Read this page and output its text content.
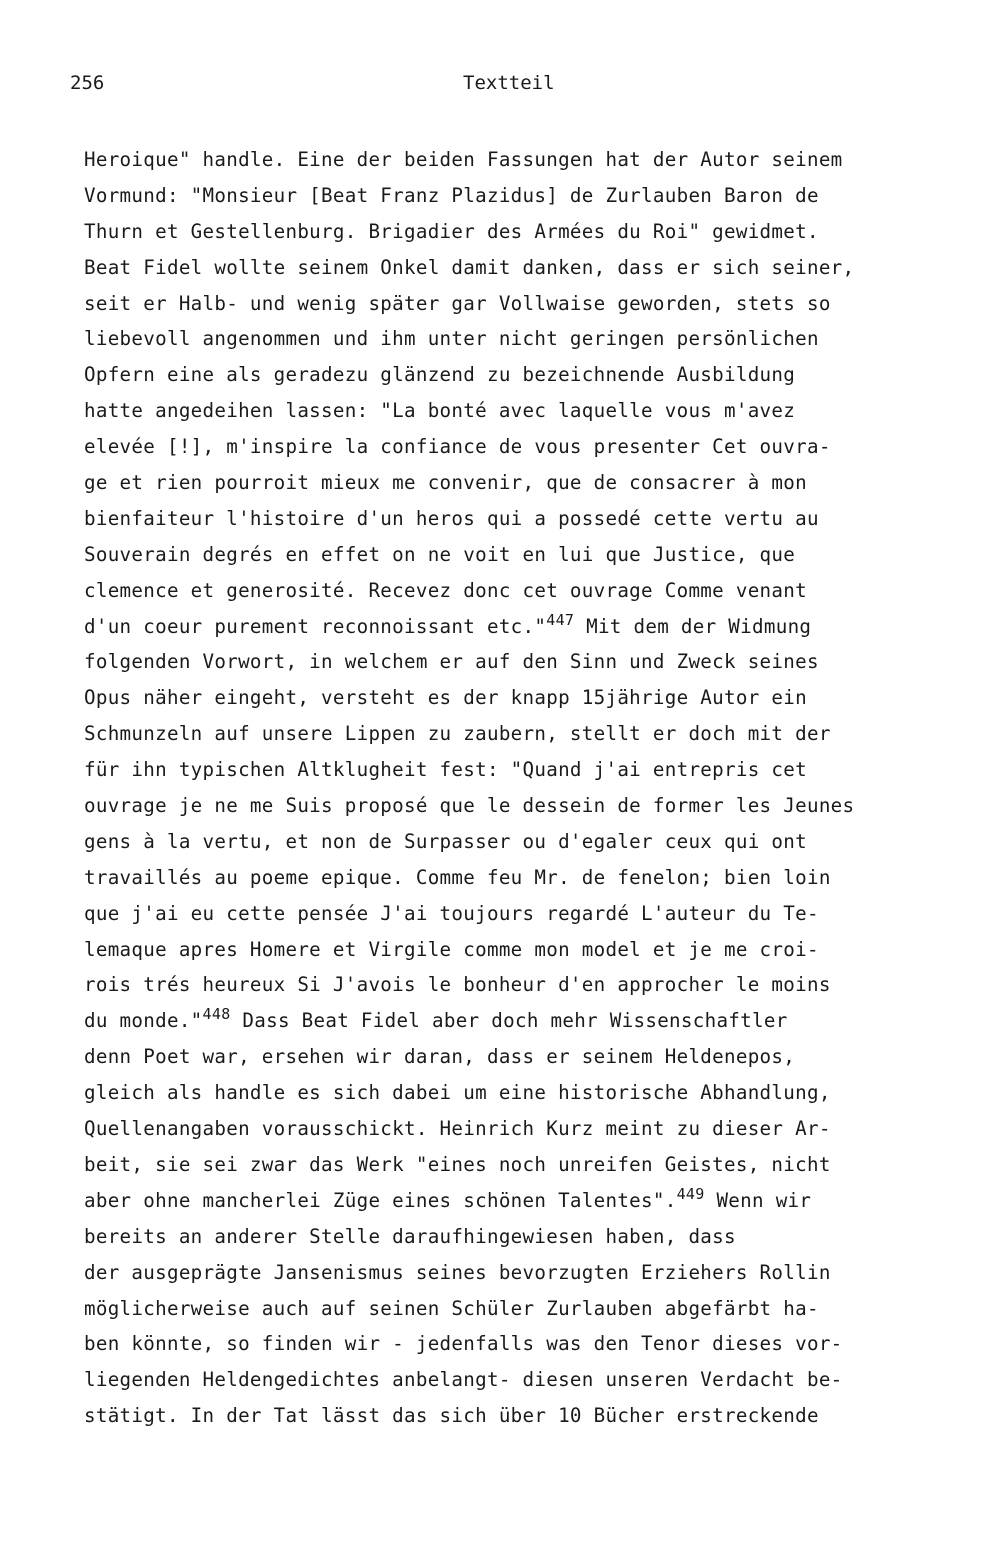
256	Textteil
Heroique" handle. Eine der beiden Fassungen hat der Autor seinem
Vormund: "Monsieur [Beat Franz Plazidus] de Zurlauben Baron de
Thurn et Gestellenburg. Brigadier des Armées du Roi" gewidmet.
Beat Fidel wollte seinem Onkel damit danken, dass er sich seiner,
seit er Halb- und wenig später gar Vollwaise geworden, stets so
liebevoll angenommen und ihm unter nicht geringen persönlichen
Opfern eine als geradezu glänzend zu bezeichnende Ausbildung
hatte angedeihen lassen: "La bonté avec laquelle vous m'avez
elevée [!], m'inspire la confiance de vous presenter Cet ouvra-
ge et rien pourroit mieux me convenir, que de consacrer à mon
bienfaiteur l'histoire d'un heros qui a possedé cette vertu au
Souverain degrés en effet on ne voit en lui que Justice, que
clemence et generosité. Recevez donc cet ouvrage Comme venant
d'un coeur purement reconnoissant etc."$^{447}$ Mit dem der Widmung
folgenden Vorwort, in welchem er auf den Sinn und Zweck seines
Opus näher eingeht, versteht es der knapp 15jährige Autor ein
Schmunzeln auf unsere Lippen zu zaubern, stellt er doch mit der
für ihn typischen Altklugheit fest: "Quand j'ai entrepris cet
ouvrage je ne me Suis proposé que le dessein de former les Jeunes
gens à la vertu, et non de Surpasser ou d'egaler ceux qui ont
travaillés au poeme epique. Comme feu Mr. de fenelon; bien loin
que j'ai eu cette pensée J'ai toujours regardé L'auteur du Te-
lemaque apres Homere et Virgile comme mon model et je me croi-
rois trés heureux Si J'avois le bonheur d'en approcher le moins
du monde."$^{448}$ Dass Beat Fidel aber doch mehr Wissenschaftler
denn Poet war, ersehen wir daran, dass er seinem Heldenepos,
gleich als handle es sich dabei um eine historische Abhandlung,
Quellenangaben vorausschickt. Heinrich Kurz meint zu dieser Ar-
beit, sie sei zwar das Werk "eines noch unreifen Geistes, nicht
aber ohne mancherlei Züge eines schönen Talentes".$^{449}$ Wenn wir
bereits an anderer Stelle daraufhingewiesen haben, dass
der ausgeprägte Jansenismus seines bevorzugten Erziehers Rollin
möglicherweise auch auf seinen Schüler Zurlauben abgefärbt ha-
ben könnte, so finden wir - jedenfalls was den Tenor dieses vor-
liegenden Heldengedichtes anbelangt- diesen unseren Verdacht be-
stätigt. In der Tat lässt das sich über 10 Bücher erstreckende
